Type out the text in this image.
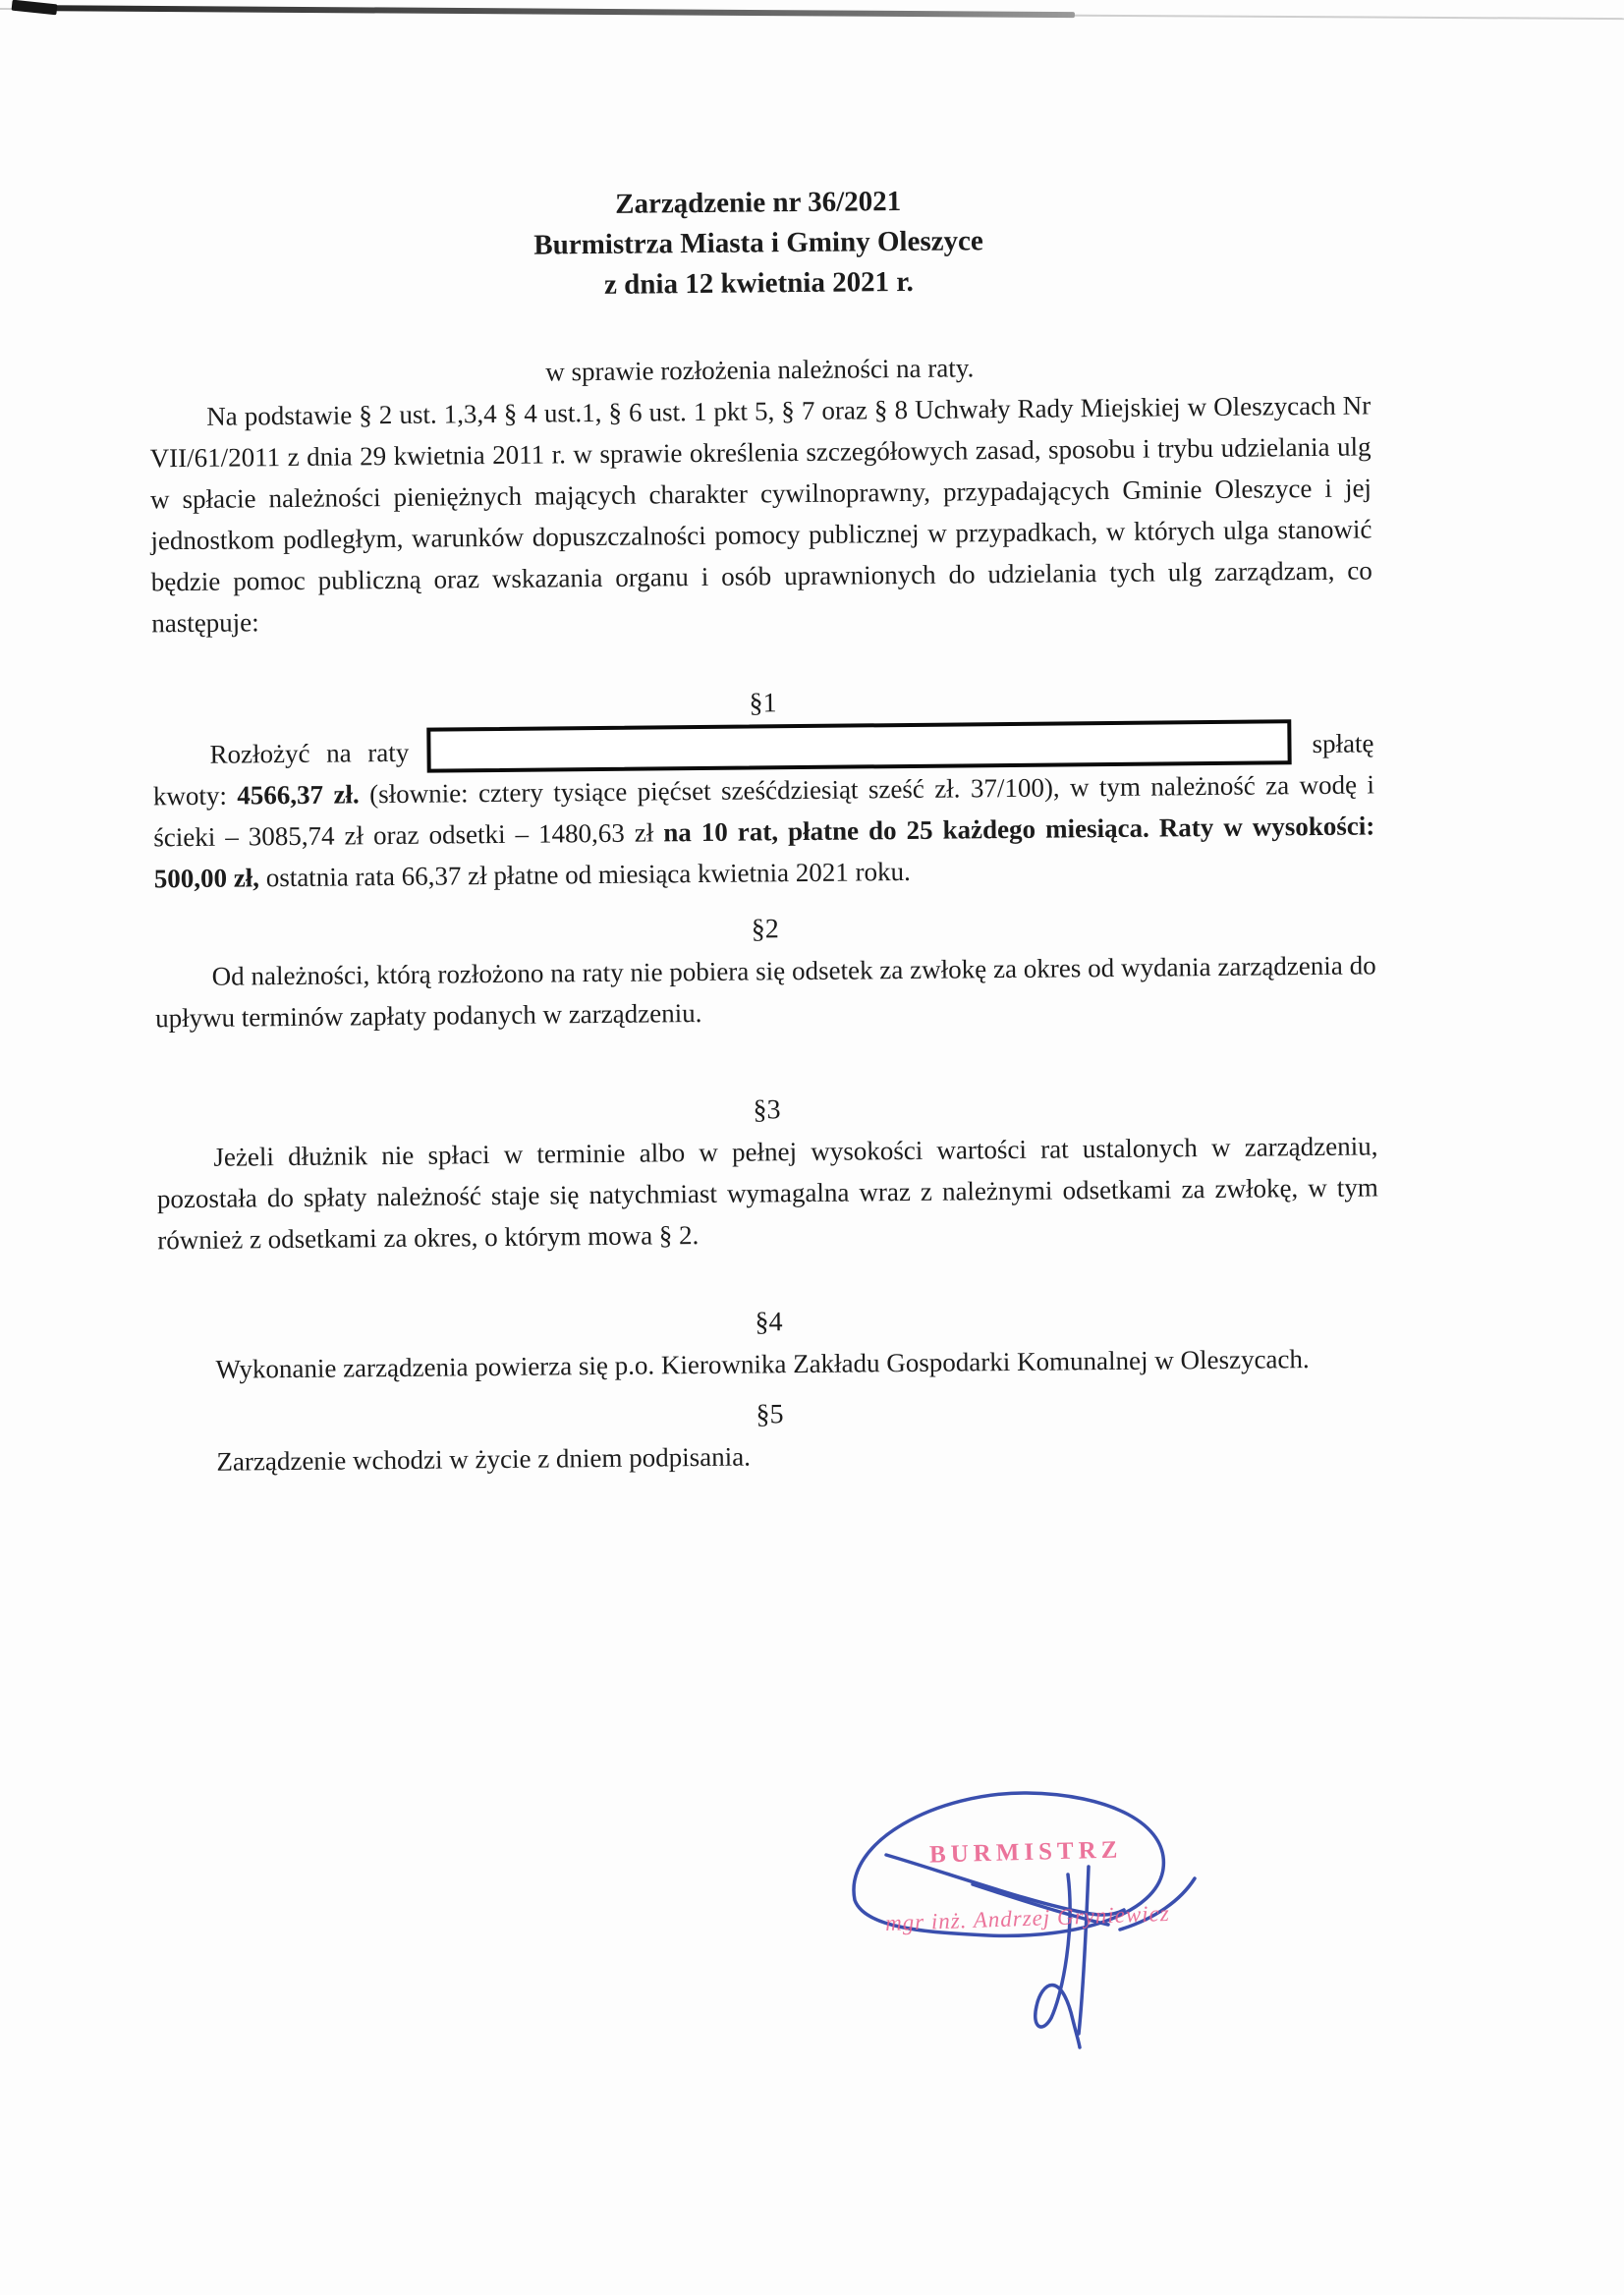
Zarządzenie nr 36/2021
Burmistrza Miasta i Gminy Oleszyce
z dnia 12 kwietnia 2021 r.
w sprawie rozłożenia należności na raty.

Na podstawie § 2 ust. 1,3,4 § 4 ust.1, § 6 ust. 1 pkt 5, § 7 oraz § 8 Uchwały Rady Miejskiej w Oleszycach Nr VII/61/2011 z dnia 29 kwietnia 2011 r. w sprawie określenia szczegółowych zasad, sposobu i trybu udzielania ulg w spłacie należności pieniężnych mających charakter cywilnoprawny, przypadających Gminie Oleszyce i jej jednostkom podległym, warunków dopuszczalności pomocy publicznej w przypadkach, w których ulga stanowić będzie pomoc publiczną oraz wskazania organu i osób uprawnionych do udzielania tych ulg zarządzam, co następuje:

§1

Rozłożyć na raty	spłatę kwoty: 4566,37 zł. (słownie: cztery tysiące pięćset sześćdziesiąt sześć zł. 37/100), w tym należność za wodę i ścieki – 3085,74 zł oraz odsetki – 1480,63 zł na 10 rat, płatne do 25 każdego miesiąca. Raty w wysokości: 500,00 zł, ostatnia rata 66,37 zł płatne od miesiąca kwietnia 2021 roku.

§2

Od należności, którą rozłożono na raty nie pobiera się odsetek za zwłokę za okres od wydania zarządzenia do upływu terminów zapłaty podanych w zarządzeniu.

§3

Jeżeli dłużnik nie spłaci w terminie albo w pełnej wysokości wartości rat ustalonych w zarządzeniu, pozostała do spłaty należność staje się natychmiast wymagalna wraz z należnymi odsetkami za zwłokę, w tym również z odsetkami za okres, o którym mowa § 2.

§4

Wykonanie zarządzenia powierza się p.o. Kierownika Zakładu Gospodarki Komunalnej w Oleszycach.

§5

Zarządzenie wchodzi w życie z dniem podpisania.

BURMISTRZ
mgr inż. Andrzej Gryniewicz
